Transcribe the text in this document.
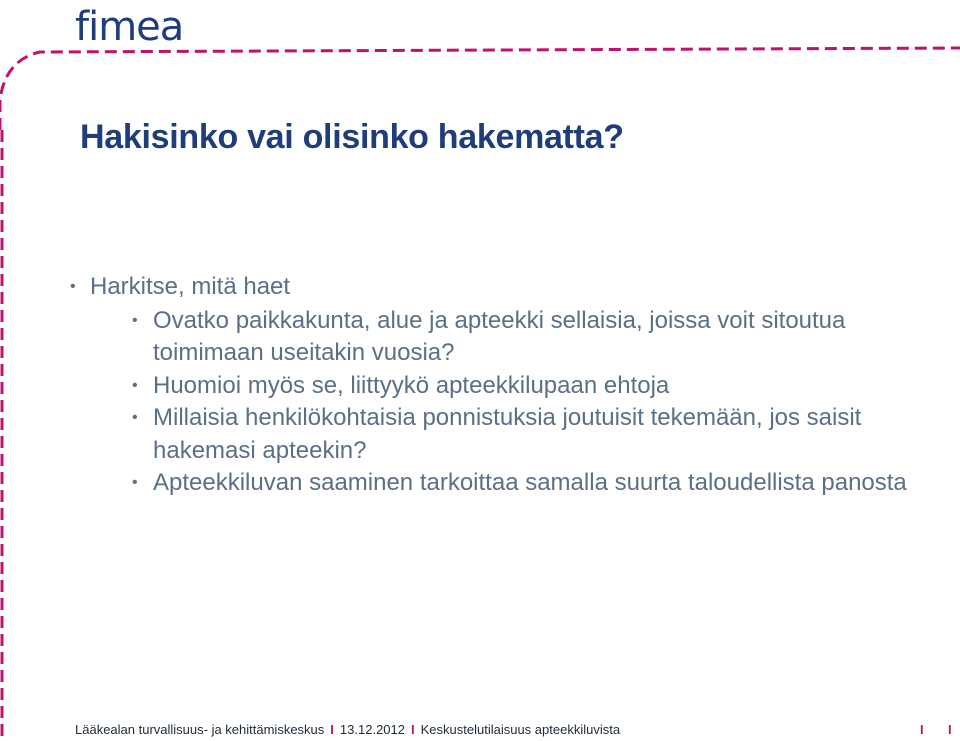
fimea
Hakisinko vai olisinko hakematta?
• Harkitse, mitä haet
• Ovatko paikkakunta, alue ja apteekki sellaisia, joissa voit sitoutua toimimaan useitakin vuosia?
• Huomioi myös se, liittyykö apteekkilupaan ehtoja
• Millaisia henkilökohtaisia ponnistuksia joutuisit tekemään, jos saisit hakemasi apteekin?
• Apteekkiluvan saaminen tarkoittaa samalla suurta taloudellista panosta
Lääkealan turvallisuus- ja kehittämiskeskus I 13.12.2012 I Keskustelutilaisuus apteekkiluvista	I I
